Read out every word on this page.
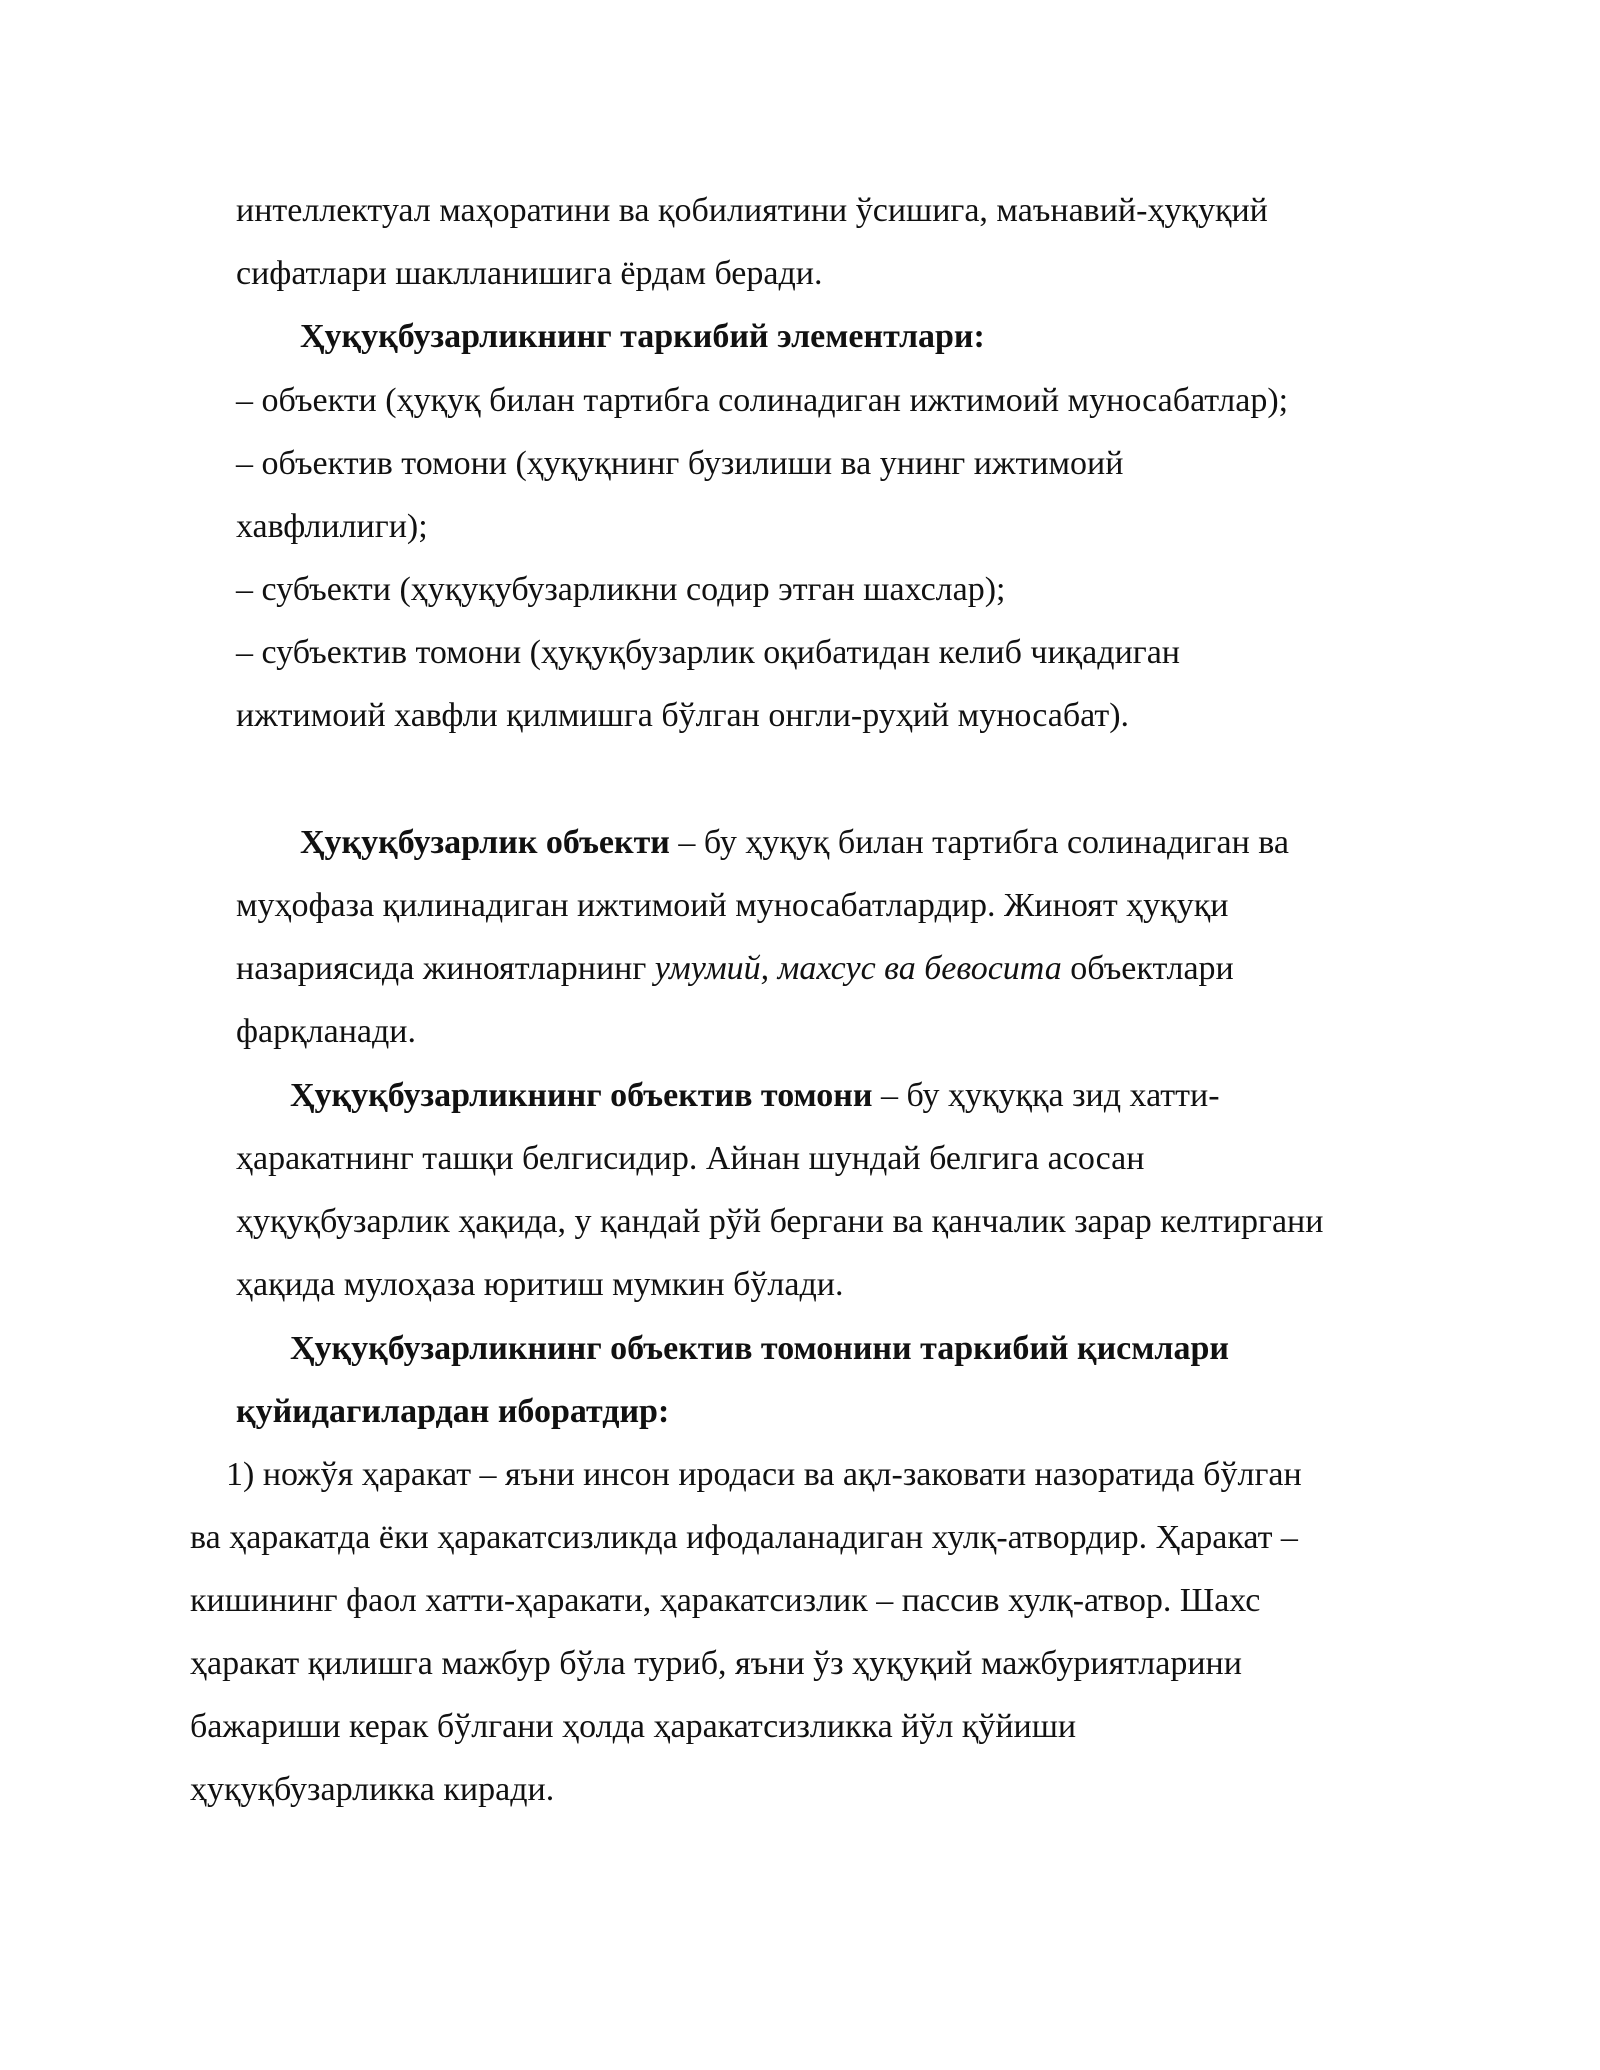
интеллектуал маҳоратини ва қобилиятини ўсишига, маънавий-ҳуқуқий

сифатлари шаклланишига ёрдам беради.

Ҳуқуқбузарликнинг таркибий элементлари:

– объекти (ҳуқуқ билан тартибга солинадиган ижтимоий муносабатлар);

– объектив томони (ҳуқуқнинг бузилиши ва унинг ижтимоий

хавфлилиги);

– субъекти (ҳуқуқубузарликни содир этган шахслар);

– субъектив томони (ҳуқуқбузарлик оқибатидан келиб чиқадиган

ижтимоий хавфли қилмишга бўлган онгли-руҳий муносабат).

Ҳуқуқбузарлик объекти – бу ҳуқуқ билан тартибга солинадиган ва

муҳофаза қилинадиган ижтимоий муносабатлардир. Жиноят ҳуқуқи

назариясида жиноятларнинг умумий, махсус ва бевосита объектлари

фарқланади.

Ҳуқуқбузарликнинг объектив томони – бу ҳуқуққа зид хатти-

ҳаракатнинг ташқи белгисидир. Айнан шундай белгига асосан

ҳуқуқбузарлик ҳақида, у қандай рўй бергани ва қанчалик зарар келтиргани

ҳақида мулоҳаза юритиш мумкин бўлади.

Ҳуқуқбузарликнинг объектив томонини таркибий қисмлари

қуйидагилардан иборатдир:

1) ножўя ҳаракат – яъни инсон иродаси ва ақл-заковати назоратида бўлган

ва ҳаракатда ёки ҳаракатсизликда ифодаланадиган хулқ-атвордир. Ҳаракат –

кишининг фаол хатти-ҳаракати, ҳаракатсизлик – пассив хулқ-атвор. Шахс

ҳаракат қилишга мажбур бўла туриб, яъни ўз ҳуқуқий мажбуриятларини

бажариши керак бўлгани ҳолда ҳаракатсизликка йўл қўйиши

ҳуқуқбузарликка киради.
